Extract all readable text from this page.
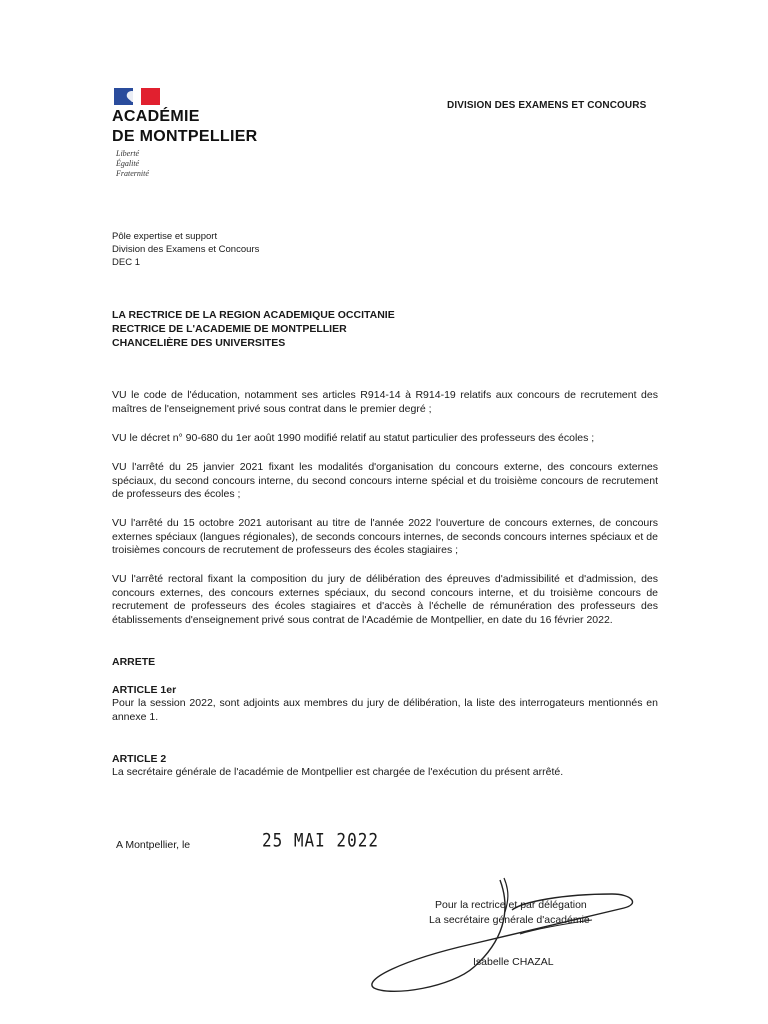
ACADÉMIE
DE MONTPELLIER
Liberté
Égalité
Fraternité
DIVISION DES EXAMENS ET CONCOURS
Pôle expertise et support
Division des Examens et Concours
DEC 1
LA RECTRICE DE LA REGION ACADEMIQUE OCCITANIE
RECTRICE DE L'ACADEMIE DE MONTPELLIER
CHANCELIÈRE DES UNIVERSITES

VU le code de l'éducation, notamment ses articles R914-14 à R914-19 relatifs aux concours de recrutement des maîtres de l'enseignement privé sous contrat dans le premier degré ;

VU le décret n° 90-680 du 1er août 1990 modifié relatif au statut particulier des professeurs des écoles ;

VU l'arrêté du 25 janvier 2021 fixant les modalités d'organisation du concours externe, des concours externes spéciaux, du second concours interne, du second concours interne spécial et du troisième concours de recrutement de professeurs des écoles ;

VU l'arrêté du 15 octobre 2021 autorisant au titre de l'année 2022 l'ouverture de concours externes, de concours externes spéciaux (langues régionales), de seconds concours internes, de seconds concours internes spéciaux et de troisièmes concours de recrutement de professeurs des écoles stagiaires ;

VU l'arrêté rectoral fixant la composition du jury de délibération des épreuves d'admissibilité et d'admission, des concours externes, des concours externes spéciaux, du second concours interne, et du troisième concours de recrutement de professeurs des écoles stagiaires et d'accès à l'échelle de rémunération des professeurs des établissements d'enseignement privé sous contrat de l'Académie de Montpellier, en date du 16 février 2022.

ARRETE
ARTICLE 1er

Pour la session 2022, sont adjoints aux membres du jury de délibération, la liste des interrogateurs mentionnés en annexe 1.

ARTICLE 2

La secrétaire générale de l'académie de Montpellier est chargée de l'exécution du présent arrêté.

A Montpellier, le	25 MAI 2022
Pour la rectrice et par délégation
La secrétaire générale d'académie
Isabelle CHAZAL
